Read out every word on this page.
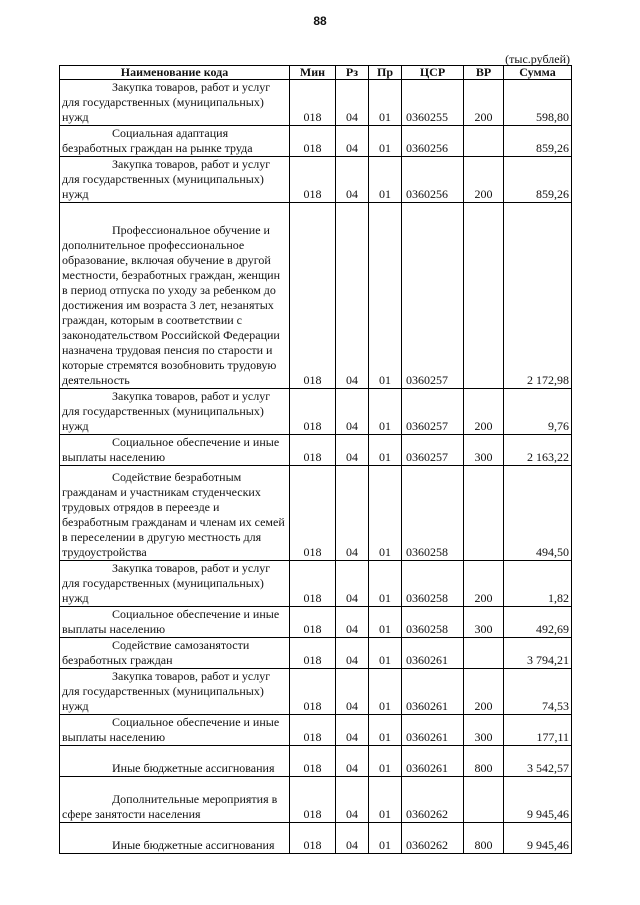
88
(тыс.рублей)
Наименование кода	Мин	Рз	Пр	ЦСР	ВР	Сумма

Закупка товаров, работ и услуг для государственных (муниципальных) нужд	018	04	01	0360255	200	598,80

Социальная адаптация безработных граждан на рынке труда	018	04	01	0360256		859,26

Закупка товаров, работ и услуг для государственных (муниципальных) нужд	018	04	01	0360256	200	859,26

Профессиональное обучение и дополнительное профессиональное образование, включая обучение в другой местности, безработных граждан, женщин в период отпуска по уходу за ребенком до достижения им возраста 3 лет, незанятых граждан, которым в соответствии с законодательством Российской Федерации назначена трудовая пенсия по старости и которые стремятся возобновить трудовую деятельность	018	04	01	0360257		2 172,98

Закупка товаров, работ и услуг для государственных (муниципальных) нужд	018	04	01	0360257	200	9,76

Социальное обеспечение и иные выплаты населению	018	04	01	0360257	300	2 163,22

Содействие безработным гражданам и участникам студенческих трудовых отрядов в переезде и безработным гражданам и членам их семей в переселении в другую местность для трудоустройства	018	04	01	0360258		494,50

Закупка товаров, работ и услуг для государственных (муниципальных) нужд	018	04	01	0360258	200	1,82

Социальное обеспечение и иные выплаты населению	018	04	01	0360258	300	492,69

Содействие самозанятости безработных граждан	018	04	01	0360261		3 794,21

Закупка товаров, работ и услуг для государственных (муниципальных) нужд	018	04	01	0360261	200	74,53

Социальное обеспечение и иные выплаты населению	018	04	01	0360261	300	177,11

Иные бюджетные ассигнования	018	04	01	0360261	800	3 542,57

Дополнительные мероприятия в сфере занятости населения	018	04	01	0360262		9 945,46

Иные бюджетные ассигнования	018	04	01	0360262	800	9 945,46
